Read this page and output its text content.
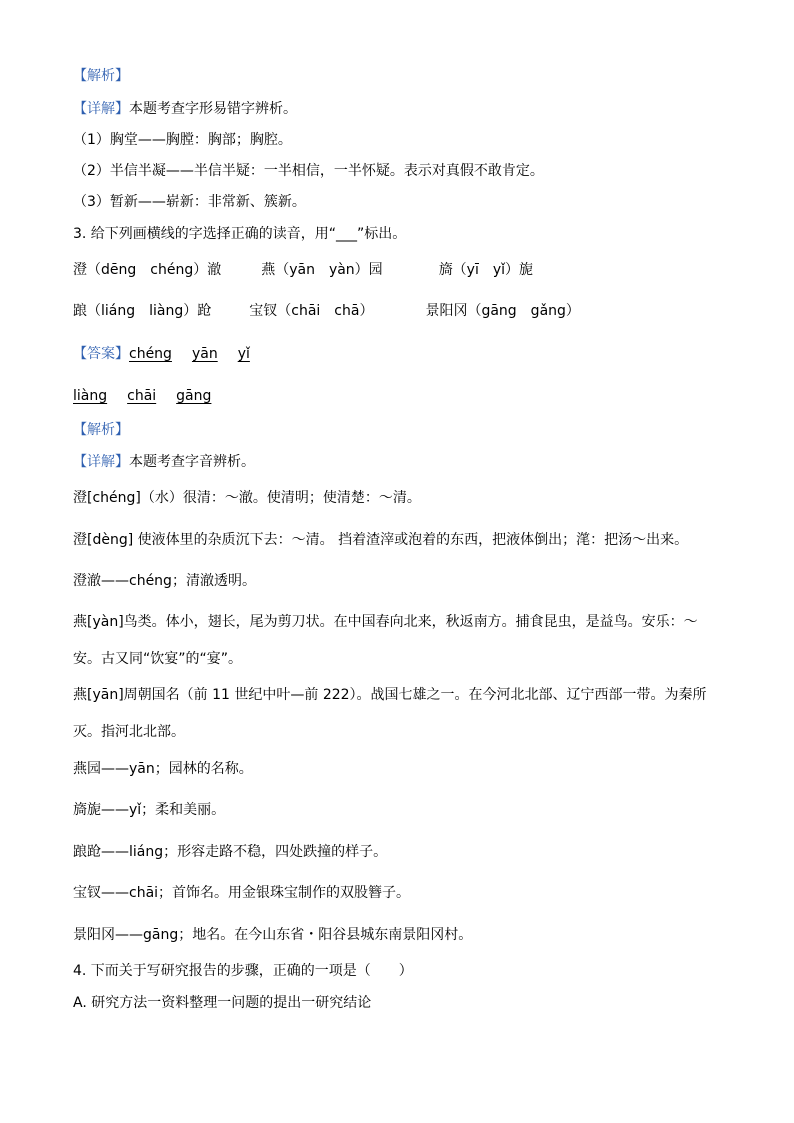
【解析】
【详解】本题考查字形易错字辨析。
（1）胸堂——胸膛：胸部；胸腔。
（2）半信半凝——半信半疑：一半相信，一半怀疑。表示对真假不敢肯定。
（3）暂新——崭新：非常新、簇新。
3. 给下列画横线的字选择正确的读音，用“___”标出。
澄（dēng　chéng）澈	燕（yān　yàn）园	旖（yī　yǐ）旎
踉（liáng　liàng）跄	宝钗（chāi　chā）	景阳冈（gāng　gǎng）
【答案】chéng yān yǐ
liàng chāi gāng
【解析】
【详解】本题考查字音辨析。
澄[chéng]（水）很清：～澈。使清明；使清楚：～清。
澄[dèng] 使液体里的杂质沉下去：～清。 挡着渣滓或泡着的东西，把液体倒出；滗：把汤～出来。
澄澈——chéng；清澈透明。
燕[yàn]鸟类。体小，翅长，尾为剪刀状。在中国春向北来，秋返南方。捕食昆虫，是益鸟。安乐：～
安。古又同“饮宴”的“宴”。
燕[yān]周朝国名（前 11 世纪中叶—前 222）。战国七雄之一。在今河北北部、辽宁西部一带。为秦所
灭。指河北北部。
燕园——yān；园林的名称。
旖旎——yǐ；柔和美丽。
踉跄——liáng；形容走路不稳，四处跌撞的样子。
宝钗——chāi；首饰名。用金银珠宝制作的双股簪子。
景阳冈——gāng；地名。在今山东省・阳谷县城东南景阳冈村。
4. 下而关于写研究报告的步骤，正确的一项是（　　）
A. 研究方法一资料整理一问题的提出一研究结论
